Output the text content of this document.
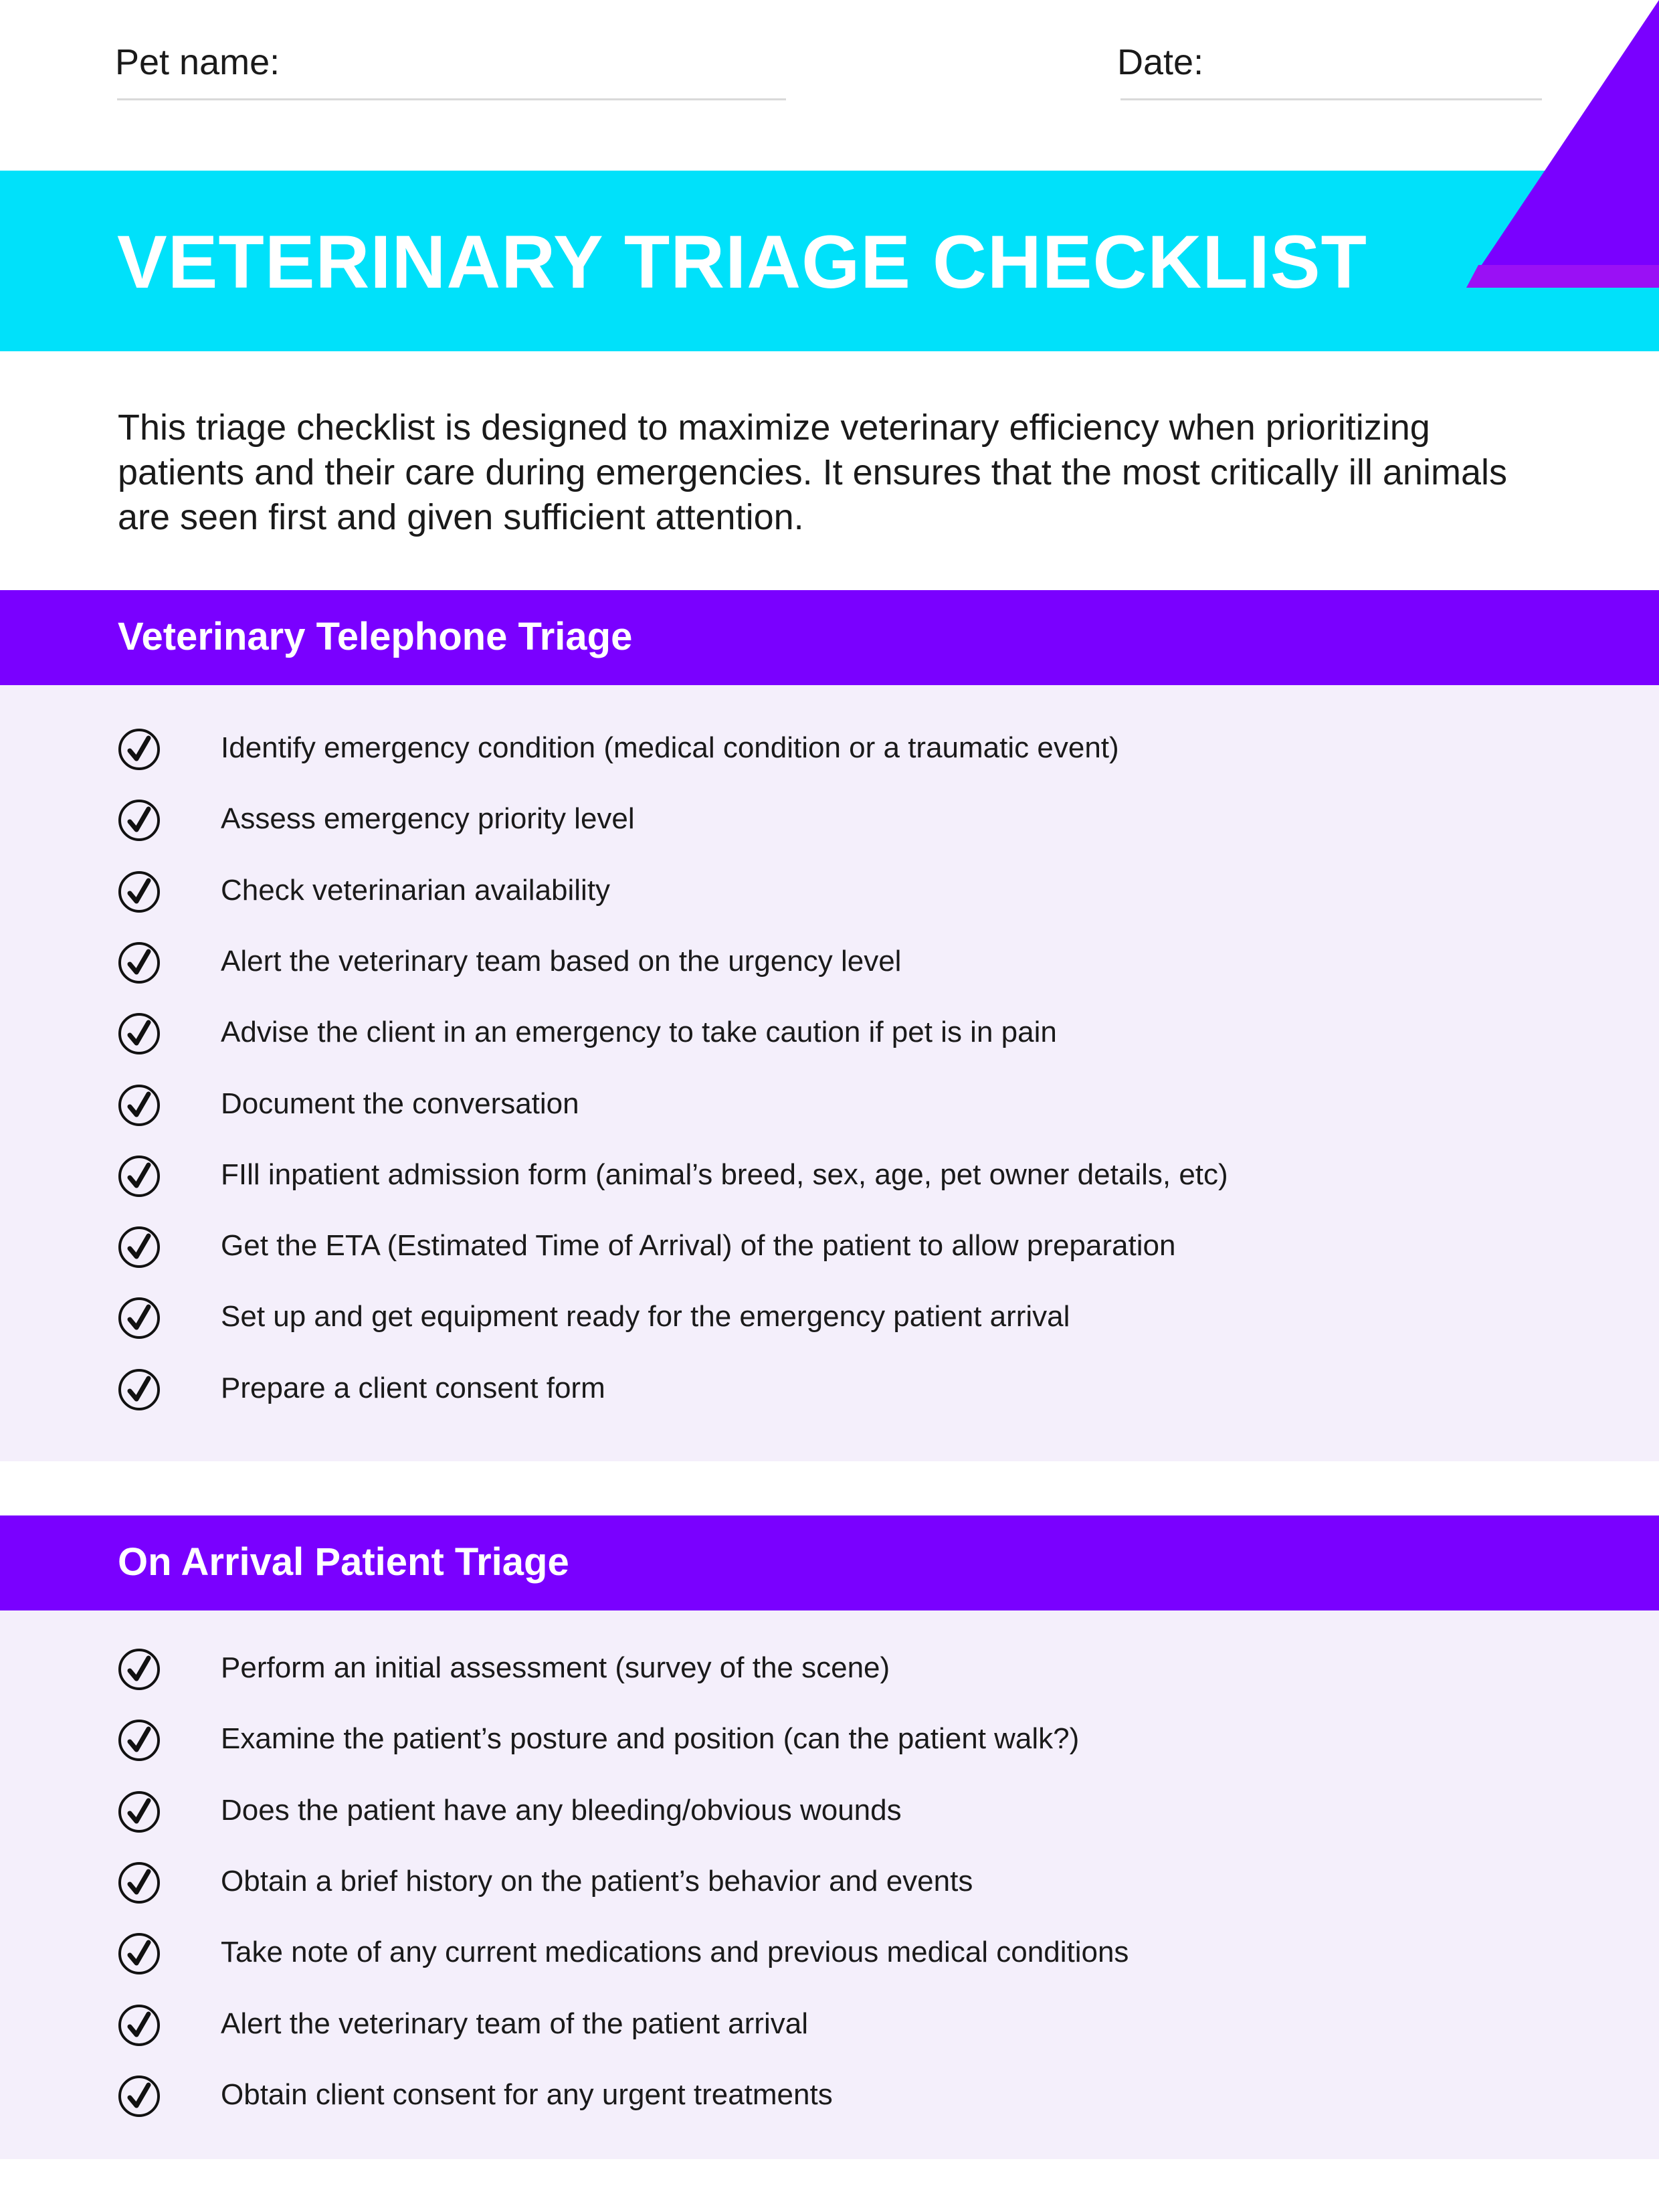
Pet name:	Date:
VETERINARY TRIAGE CHECKLIST
This triage checklist is designed to maximize veterinary efficiency when prioritizing patients and their care during emergencies. It ensures that the most critically ill animals are seen first and given sufficient attention.
Veterinary Telephone Triage
Identify emergency condition (medical condition or a traumatic event)
Assess emergency priority level
Check veterinarian availability
Alert the veterinary team based on the urgency level
Advise the client in an emergency to take caution if pet is in pain
Document the conversation
FIll inpatient admission form (animal’s breed, sex, age, pet owner details, etc)
Get the ETA (Estimated Time of Arrival) of the patient to allow preparation
Set up and get equipment ready for the emergency patient arrival
Prepare a client consent form
On Arrival Patient Triage
Perform an initial assessment (survey of the scene)
Examine the patient’s posture and position (can the patient walk?)
Does the patient have any bleeding/obvious wounds
Obtain a brief history on the patient’s behavior and events
Take note of any current medications and previous medical conditions
Alert the veterinary team of the patient arrival
Obtain client consent for any urgent treatments
